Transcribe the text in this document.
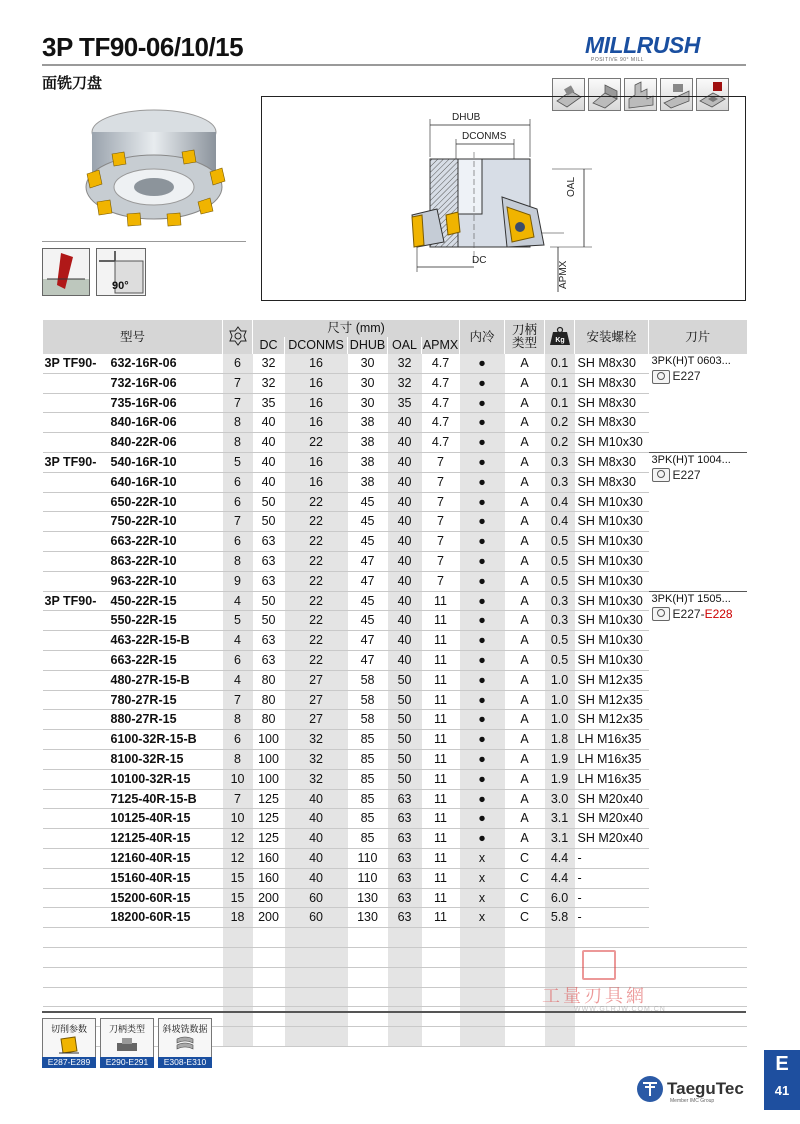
3P TF90-06/10/15	MILLRUSH
POSITIVE 90° MILL
面铣刀盘
90°
DHUB
DCONMS
DC
OAL
APMX
型号			尺寸 (mm)					内冷	刀柄
类型	Kg	安装螺栓	刀片
			DC	DCONMS	DHUB	OAL	APMX					
3P TF90-	632-16R-06	6	32	16	30	32	4.7	●	A	0.1	SH M8x30	3PK(H)T 0603...
E227

	732-16R-06	7	32	16	30	32	4.7	●	A	0.1	SH M8x30	
	735-16R-06	7	35	16	30	35	4.7	●	A	0.1	SH M8x30	
	840-16R-06	8	40	16	38	40	4.7	●	A	0.2	SH M8x30	
	840-22R-06	8	40	22	38	40	4.7	●	A	0.2	SH M10x30	
3P TF90-	540-16R-10	5	40	16	38	40	7	●	A	0.3	SH M8x30	3PK(H)T 1004...
E227

	640-16R-10	6	40	16	38	40	7	●	A	0.3	SH M8x30	
	650-22R-10	6	50	22	45	40	7	●	A	0.4	SH M10x30	
	750-22R-10	7	50	22	45	40	7	●	A	0.4	SH M10x30	
	663-22R-10	6	63	22	45	40	7	●	A	0.5	SH M10x30	
	863-22R-10	8	63	22	47	40	7	●	A	0.5	SH M10x30	
	963-22R-10	9	63	22	47	40	7	●	A	0.5	SH M10x30	
3P TF90-	450-22R-15	4	50	22	45	40	11	●	A	0.3	SH M10x30	3PK(H)T 1505...
E227- E228

	550-22R-15	5	50	22	45	40	11	●	A	0.3	SH M10x30	
	463-22R-15-B	4	63	22	47	40	11	●	A	0.5	SH M10x30	
	663-22R-15	6	63	22	47	40	11	●	A	0.5	SH M10x30	
	480-27R-15-B	4	80	27	58	50	11	●	A	1.0	SH M12x35	
	780-27R-15	7	80	27	58	50	11	●	A	1.0	SH M12x35	
	880-27R-15	8	80	27	58	50	11	●	A	1.0	SH M12x35	
	6100-32R-15-B	6	100	32	85	50	11	●	A	1.8	LH M16x35	
	8100-32R-15	8	100	32	85	50	11	●	A	1.9	LH M16x35	
	10100-32R-15	10	100	32	85	50	11	●	A	1.9	LH M16x35	
	7125-40R-15-B	7	125	40	85	63	11	●	A	3.0	SH M20x40	
	10125-40R-15	10	125	40	85	63	11	●	A	3.1	SH M20x40	
	12125-40R-15	12	125	40	85	63	11	●	A	3.1	SH M20x40	
	12160-40R-15	12	160	40	110	63	11	x	C	4.4	-	
	15160-40R-15	15	160	40	110	63	11	x	C	4.4	-	
	15200-60R-15	15	200	60	130	63	11	x	C	6.0	-	
	18200-60R-15	18	200	60	130	63	11	x	C	5.8	-	

切削参数
E287-E289
刀柄类型
E290-E291
斜坡铣数据
E308-E310
工量刃具網
WWW.GLRJW.COM.CN
TaeguTec
Member IMC Group
E
41
